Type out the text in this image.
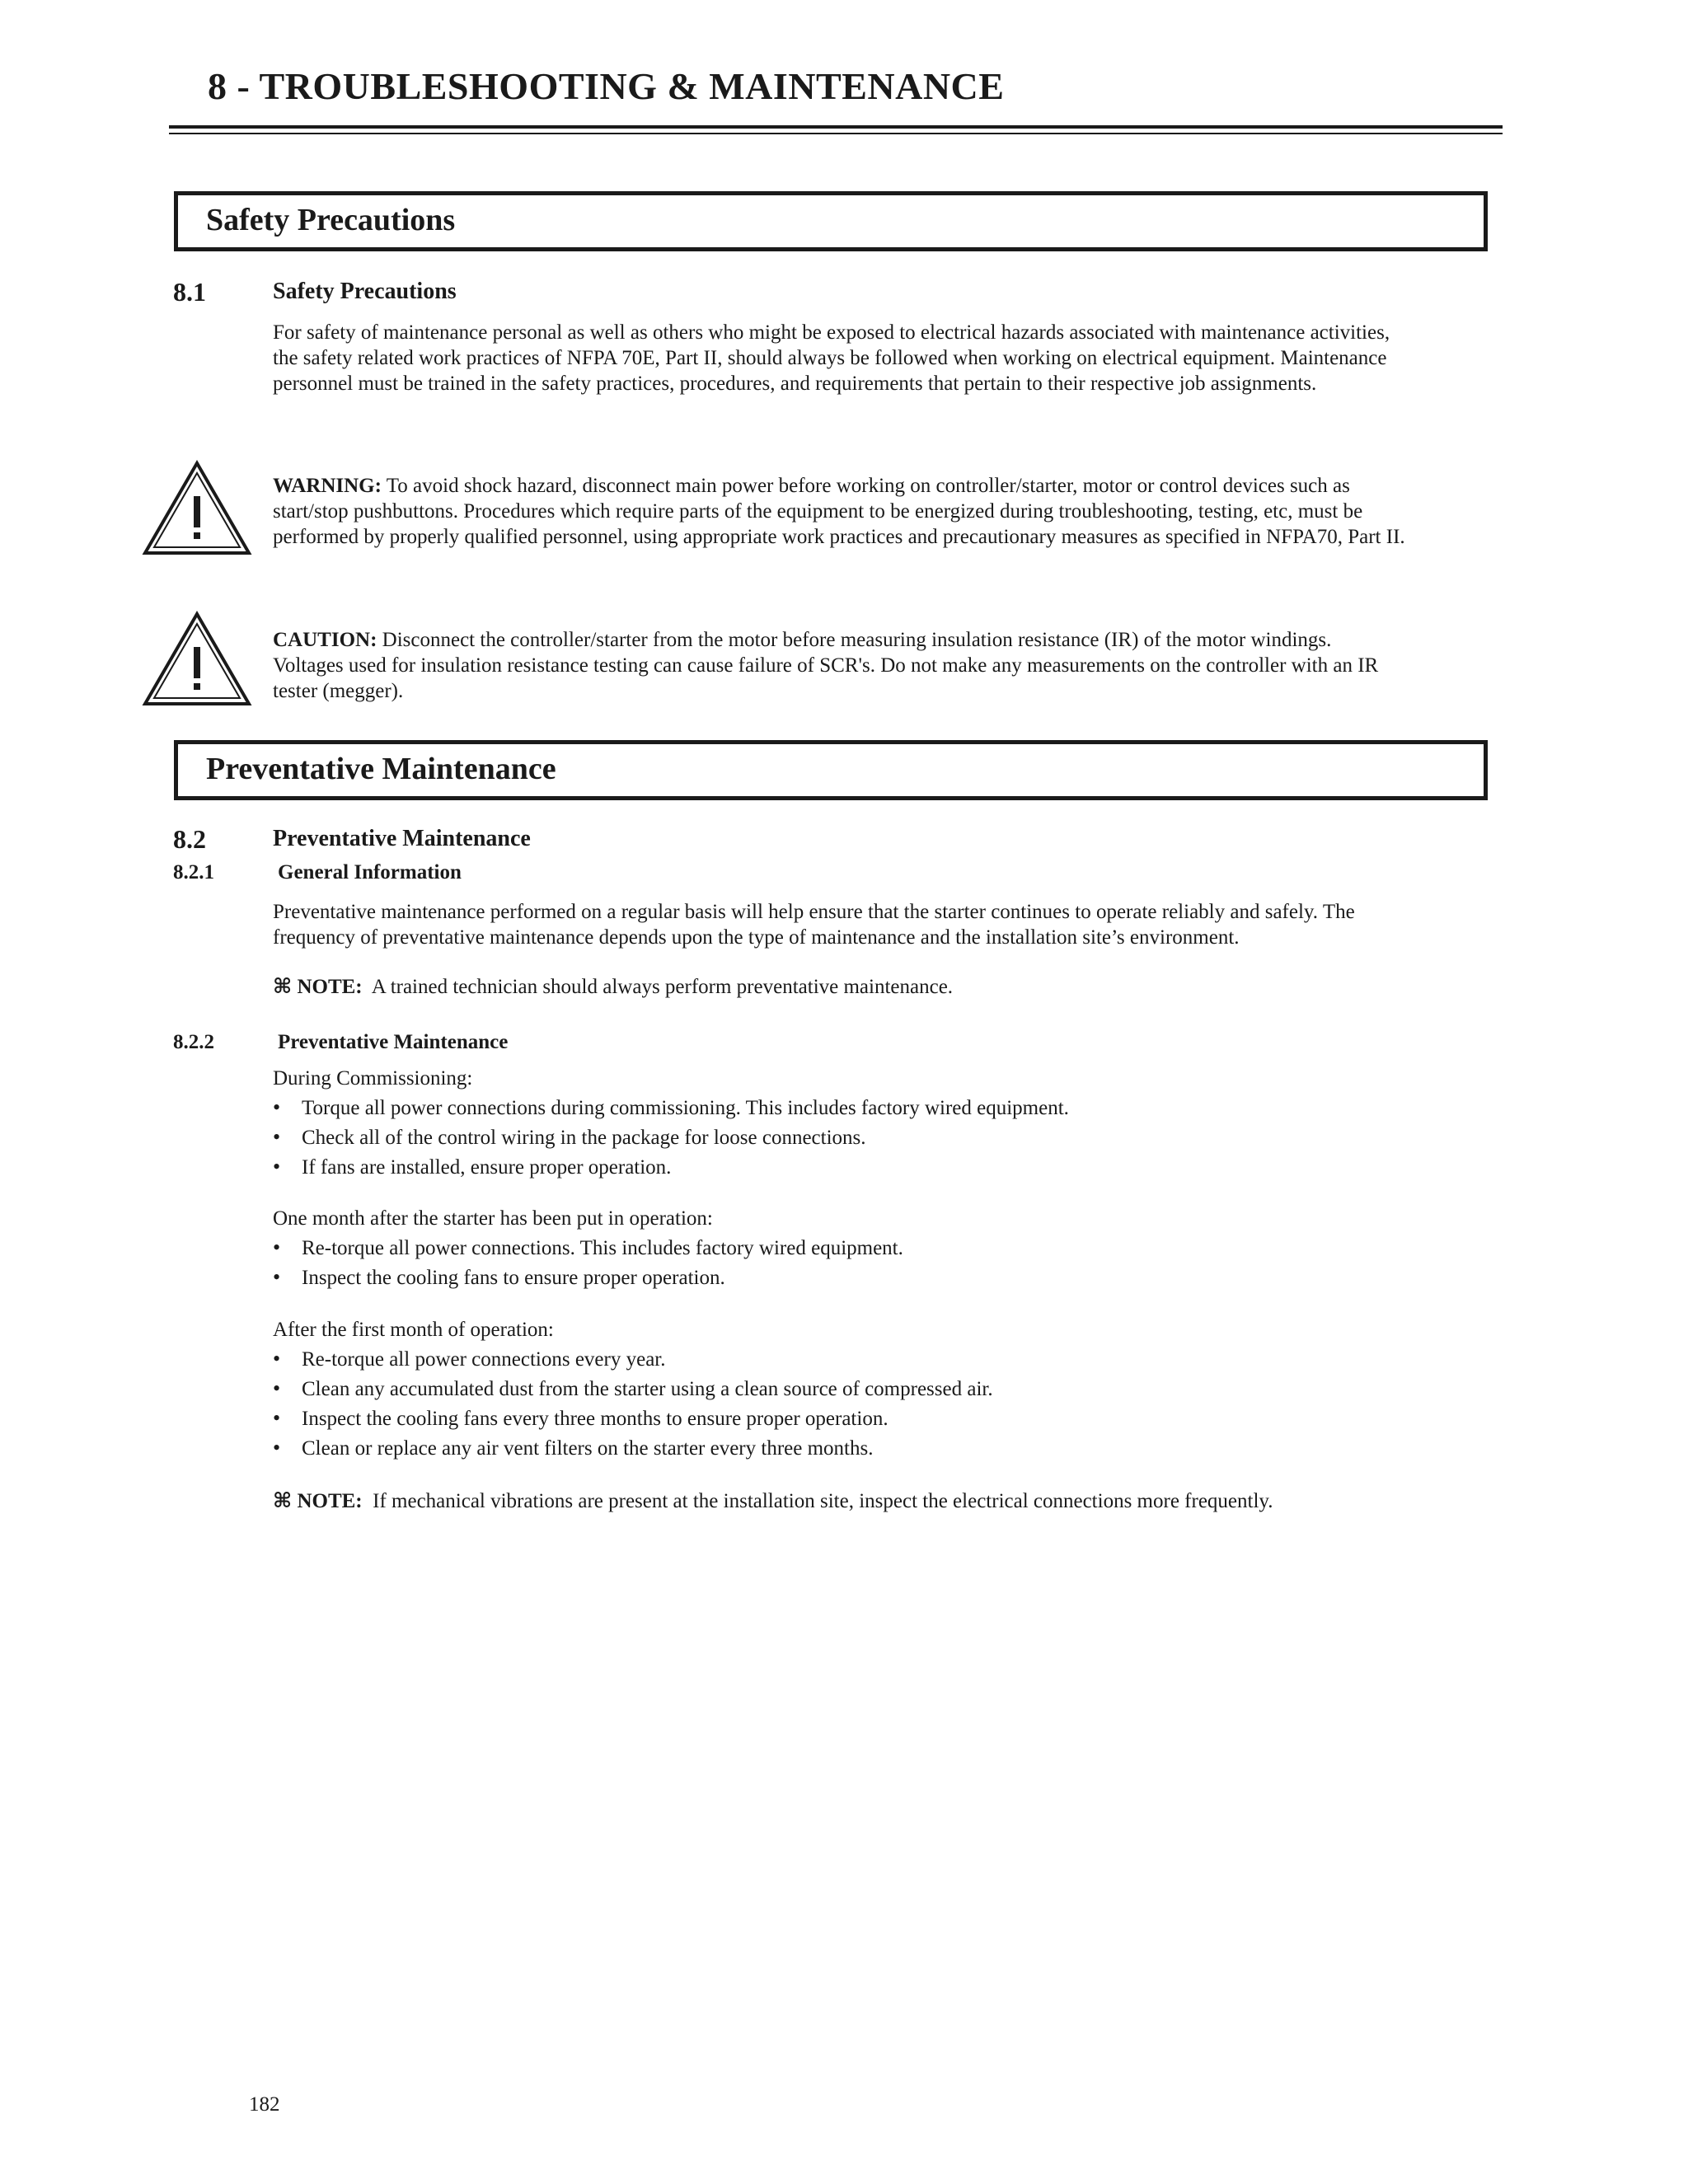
8 - TROUBLESHOOTING & MAINTENANCE
Safety Precautions
8.1	Safety Precautions
For safety of maintenance personal as well as others who might be exposed to electrical hazards associated with maintenance activities,
the safety related work practices of NFPA 70E, Part II, should always be followed when working on electrical equipment. Maintenance
personnel must be trained in the safety practices, procedures, and requirements that pertain to their respective job assignments.
WARNING: To avoid shock hazard, disconnect main power before working on controller/starter, motor or control devices such as
start/stop pushbuttons. Procedures which require parts of the equipment to be energized during troubleshooting, testing, etc, must be
performed by properly qualified personnel, using appropriate work practices and precautionary measures as specified in NFPA70, Part II.
CAUTION: Disconnect the controller/starter from the motor before measuring insulation resistance (IR) of the motor windings.
Voltages used for insulation resistance testing can cause failure of SCR's. Do not make any measurements on the controller with an IR
tester (megger).
Preventative Maintenance
8.2	Preventative Maintenance
8.2.1	General Information
Preventative maintenance performed on a regular basis will help ensure that the starter continues to operate reliably and safely. The
frequency of preventative maintenance depends upon the type of maintenance and the installation site’s environment.
⌘ NOTE: A trained technician should always perform preventative maintenance.
8.2.2	Preventative Maintenance
During Commissioning:
• Torque all power connections during commissioning. This includes factory wired equipment.
• Check all of the control wiring in the package for loose connections.
• If fans are installed, ensure proper operation.
One month after the starter has been put in operation:
• Re-torque all power connections. This includes factory wired equipment.
• Inspect the cooling fans to ensure proper operation.
After the first month of operation:
• Re-torque all power connections every year.
• Clean any accumulated dust from the starter using a clean source of compressed air.
• Inspect the cooling fans every three months to ensure proper operation.
• Clean or replace any air vent filters on the starter every three months.
⌘ NOTE: If mechanical vibrations are present at the installation site, inspect the electrical connections more frequently.
182
